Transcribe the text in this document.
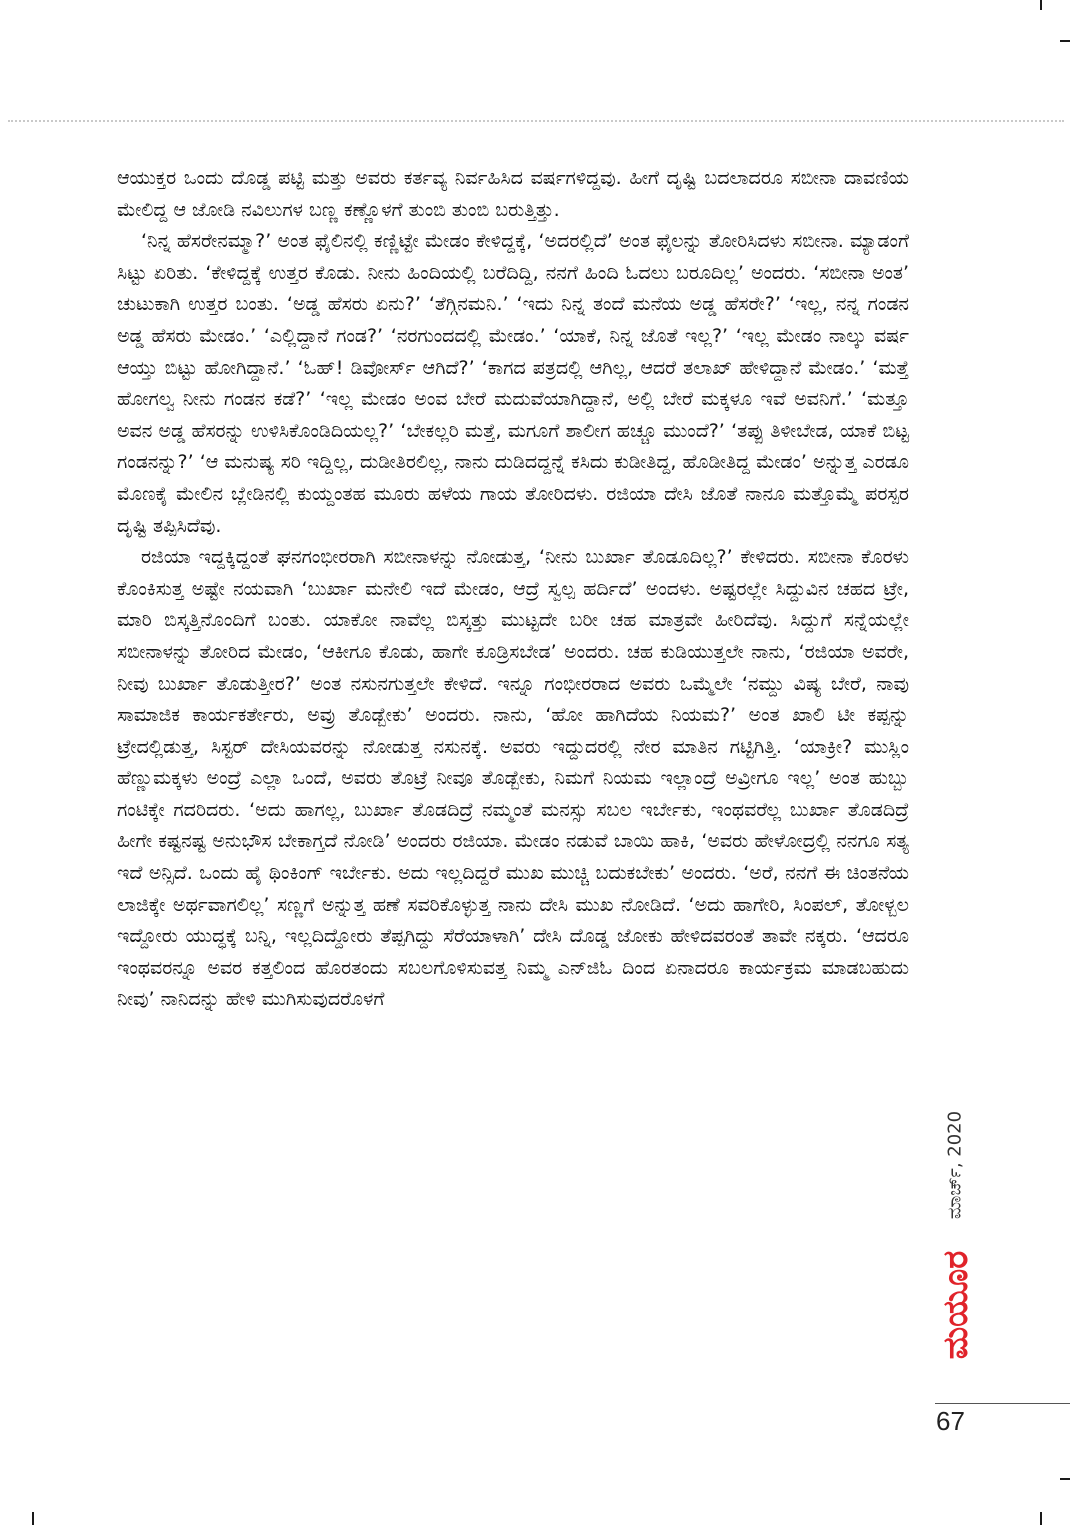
ಆಯುಕ್ತರ ಒಂದು ದೊಡ್ಡ ಪಟ್ಟಿ ಮತ್ತು ಅವರು ಕರ್ತವ್ಯ ನಿರ್ವಹಿಸಿದ ವರ್ಷಗಳಿದ್ದವು. ಹೀಗೆ ದೃಷ್ಟಿ ಬದಲಾದರೂ ಸಬೀನಾ ದಾವಣಿಯ ಮೇಲಿದ್ದ ಆ ಜೋಡಿ ನವಿಲುಗಳ ಬಣ್ಣ ಕಣ್ಣೊಳಗೆ ತುಂಬಿ ತುಂಬಿ ಬರುತ್ತಿತ್ತು.

‘ನಿನ್ನ ಹೆಸರೇನಮ್ಮಾ?’ ಅಂತ ಫೈಲಿನಲ್ಲಿ ಕಣ್ಣಿಟ್ಟೇ ಮೇಡಂ ಕೇಳಿದ್ದಕ್ಕೆ, ‘ಅದರಲ್ಲಿದೆ’ ಅಂತ ಫೈಲನ್ನು ತೋರಿಸಿದಳು ಸಬೀನಾ. ಮ್ಯಾಡಂಗೆ ಸಿಟ್ಟು ಏರಿತು. ‘ಕೇಳಿದ್ದಕ್ಕೆ ಉತ್ತರ ಕೊಡು. ನೀನು ಹಿಂದಿಯಲ್ಲಿ ಬರೆದಿದ್ದಿ, ನನಗೆ ಹಿಂದಿ ಓದಲು ಬರೂದಿಲ್ಲ’ ಅಂದರು. ‘ಸಬೀನಾ ಅಂತ’ ಚುಟುಕಾಗಿ ಉತ್ತರ ಬಂತು. ‘ಅಡ್ಡ ಹೆಸರು ಏನು?’ ‘ತೆಗ್ಗಿನಮನಿ.’ ‘ಇದು ನಿನ್ನ ತಂದೆ ಮನೆಯ ಅಡ್ಡ ಹೆಸರೇ?’ ‘ಇಲ್ಲ, ನನ್ನ ಗಂಡನ ಅಡ್ಡ ಹೆಸರು ಮೇಡಂ.’ ‘ಎಲ್ಲಿದ್ದಾನೆ ಗಂಡ?’ ‘ನರಗುಂದದಲ್ಲಿ ಮೇಡಂ.’ ‘ಯಾಕೆ, ನಿನ್ನ ಜೊತೆ ಇಲ್ಲ?’ ‘ಇಲ್ಲ ಮೇಡಂ ನಾಲ್ಕು ವರ್ಷ ಆಯ್ತು ಬಿಟ್ಟು ಹೋಗಿದ್ದಾನೆ.’ ‘ಓಹ್! ಡಿವೋರ್ಸ್ ಆಗಿದೆ?’ ‘ಕಾಗದ ಪತ್ರದಲ್ಲಿ ಆಗಿಲ್ಲ, ಆದರೆ ತಲಾಖ್ ಹೇಳಿದ್ದಾನೆ ಮೇಡಂ.’ ‘ಮತ್ತೆ ಹೋಗಲ್ವ ನೀನು ಗಂಡನ ಕಡೆ?’ ‘ಇಲ್ಲ ಮೇಡಂ ಅಂವ ಬೇರೆ ಮದುವೆಯಾಗಿದ್ದಾನೆ, ಅಲ್ಲಿ ಬೇರೆ ಮಕ್ಕಳೂ ಇವೆ ಅವನಿಗೆ.’ ‘ಮತ್ತೂ ಅವನ ಅಡ್ಡ ಹೆಸರನ್ನು ಉಳಿಸಿಕೊಂಡಿದಿಯಲ್ಲ?’ ‘ಬೇಕಲ್ಲರಿ ಮತ್ತೆ, ಮಗೂಗೆ ಶಾಲೀಗ ಹಚ್ಚೂ ಮುಂದೆ?’ ‘ತಪ್ಪು ತಿಳೀಬೇಡ, ಯಾಕೆ ಬಿಟ್ಟ ಗಂಡನನ್ನು?’ ‘ಆ ಮನುಷ್ಯ ಸರಿ ಇದ್ದಿಲ್ಲ, ದುಡೀತಿರಲಿಲ್ಲ, ನಾನು ದುಡಿದದ್ದನ್ನೆ ಕಸಿದು ಕುಡೀತಿದ್ದ, ಹೊಡೀತಿದ್ದ ಮೇಡಂ’ ಅನ್ನುತ್ತ ಎರಡೂ ಮೊಣಕೈ ಮೇಲಿನ ಬ್ಲೇಡಿನಲ್ಲಿ ಕುಯ್ದಂತಹ ಮೂರು ಹಳೆಯ ಗಾಯ ತೋರಿದಳು. ರಜಿಯಾ ದೇಸಿ ಜೊತೆ ನಾನೂ ಮತ್ತೊಮ್ಮೆ ಪರಸ್ಪರ ದೃಷ್ಟಿ ತಪ್ಪಿಸಿದೆವು.

ರಜಿಯಾ ಇದ್ದಕ್ಕಿದ್ದಂತೆ ಘನಗಂಭೀರರಾಗಿ ಸಬೀನಾಳನ್ನು ನೋಡುತ್ತ, ‘ನೀನು ಬುರ್ಖಾ ತೊಡೂದಿಲ್ಲ?’ ಕೇಳಿದರು. ಸಬೀನಾ ಕೊರಳು ಕೊಂಕಿಸುತ್ತ ಅಷ್ಟೇ ನಯವಾಗಿ ‘ಬುರ್ಖಾ ಮನೇಲಿ ಇದೆ ಮೇಡಂ, ಆದ್ರೆ ಸ್ವಲ್ಪ ಹರ್ದಿದೆ’ ಅಂದಳು. ಅಷ್ಟರಲ್ಲೇ ಸಿದ್ದುವಿನ ಚಹದ ಟ್ರೇ, ಮಾರಿ ಬಿಸ್ಕತ್ತಿನೊಂದಿಗೆ ಬಂತು. ಯಾಕೋ ನಾವೆಲ್ಲ ಬಿಸ್ಕತ್ತು ಮುಟ್ಟದೇ ಬರೀ ಚಹ ಮಾತ್ರವೇ ಹೀರಿದೆವು. ಸಿದ್ದುಗೆ ಸನ್ನೆಯಲ್ಲೇ ಸಬೀನಾಳನ್ನು ತೋರಿದ ಮೇಡಂ, ‘ಆಕೀಗೂ ಕೊಡು, ಹಾಗೇ ಕೂಡ್ರಿಸಬೇಡ’ ಅಂದರು. ಚಹ ಕುಡಿಯುತ್ತಲೇ ನಾನು, ‘ರಜಿಯಾ ಅವರೇ, ನೀವು ಬುರ್ಖಾ ತೊಡುತ್ತೀರ?’ ಅಂತ ನಸುನಗುತ್ತಲೇ ಕೇಳಿದೆ. ಇನ್ನೂ ಗಂಭೀರರಾದ ಅವರು ಒಮ್ಮೆಲೇ ‘ನಮ್ದು ವಿಷ್ಯ ಬೇರೆ, ನಾವು ಸಾಮಾಜಿಕ ಕಾರ್ಯಕರ್ತೇರು, ಅವ್ರು ತೊಡ್ಬೇಕು’ ಅಂದರು. ನಾನು, ‘ಹೋ ಹಾಗಿದೆಯ ನಿಯಮ?’ ಅಂತ ಖಾಲಿ ಟೀ ಕಪ್ಪನ್ನು ಟ್ರೇದಲ್ಲಿಡುತ್ತ, ಸಿಸ್ಟರ್ ದೇಸಿಯವರನ್ನು ನೋಡುತ್ತ ನಸುನಕ್ಕೆ. ಅವರು ಇದ್ದುದರಲ್ಲಿ ನೇರ ಮಾತಿನ ಗಟ್ಟಿಗಿತ್ತಿ. ‘ಯಾಕ್ರೀ? ಮುಸ್ಲಿಂ ಹೆಣ್ಣುಮಕ್ಕಳು ಅಂದ್ರೆ ಎಲ್ಲಾ ಒಂದೆ, ಅವರು ತೊಟ್ರೆ ನೀವೂ ತೊಡ್ಬೇಕು, ನಿಮಗೆ ನಿಯಮ ಇಲ್ಲಾಂದ್ರೆ ಅವ್ರೀಗೂ ಇಲ್ಲ’ ಅಂತ ಹುಬ್ಬು ಗಂಟಿಕ್ಕೇ ಗದರಿದರು. ‘ಅದು ಹಾಗಲ್ಲ, ಬುರ್ಖಾ ತೊಡದಿದ್ರೆ ನಮ್ಮಂತೆ ಮನಸ್ಸು ಸಬಲ ಇರ್ಬೇಕು, ಇಂಥವರೆಲ್ಲ ಬುರ್ಖಾ ತೊಡದಿದ್ರೆ ಹೀಗೇ ಕಷ್ಟನಷ್ಟ ಅನುಭೌಸ ಬೇಕಾಗ್ತದೆ ನೋಡಿ’ ಅಂದರು ರಜಿಯಾ. ಮೇಡಂ ನಡುವೆ ಬಾಯಿ ಹಾಕಿ, ‘ಅವರು ಹೇಳೋದ್ರಲ್ಲಿ ನನಗೂ ಸತ್ಯ ಇದೆ ಅನ್ಸಿದೆ. ಒಂದು ಹೈ ಥಿಂಕಿಂಗ್ ಇರ್ಬೇಕು. ಅದು ಇಲ್ಲದಿದ್ದರೆ ಮುಖ ಮುಚ್ಚಿ ಬದುಕಬೇಕು’ ಅಂದರು. ‘ಅರೆ, ನನಗೆ ಈ ಚಿಂತನೆಯ ಲಾಜಿಕ್ಕೇ ಅರ್ಥವಾಗಲಿಲ್ಲ’ ಸಣ್ಣಗೆ ಅನ್ನುತ್ತ ಹಣೆ ಸವರಿಕೊಳ್ಳುತ್ತ ನಾನು ದೇಸಿ ಮುಖ ನೋಡಿದೆ. ‘ಅದು ಹಾಗೇರಿ, ಸಿಂಪಲ್, ತೋಳ್ಬಲ ಇದ್ದೋರು ಯುದ್ಧಕ್ಕೆ ಬನ್ನಿ, ಇಲ್ಲದಿದ್ದೋರು ತೆಪ್ಪಗಿದ್ದು ಸೆರೆಯಾಳಾಗಿ’ ದೇಸಿ ದೊಡ್ಡ ಜೋಕು ಹೇಳಿದವರಂತೆ ತಾವೇ ನಕ್ಕರು. ‘ಆದರೂ ಇಂಥವರನ್ನೂ ಅವರ ಕತ್ತಲಿಂದ ಹೊರತಂದು ಸಬಲಗೊಳಿಸುವತ್ತ ನಿಮ್ಮ ಎನ್‌ಜಿಓ ದಿಂದ ಏನಾದರೂ ಕಾರ್ಯಕ್ರಮ ಮಾಡಬಹುದು ನೀವು’ ನಾನಿದನ್ನು ಹೇಳಿ ಮುಗಿಸುವುದರೊಳಗೆ

ಮಾರ್ಚ್, 2020
ಮಯೂರ
67
